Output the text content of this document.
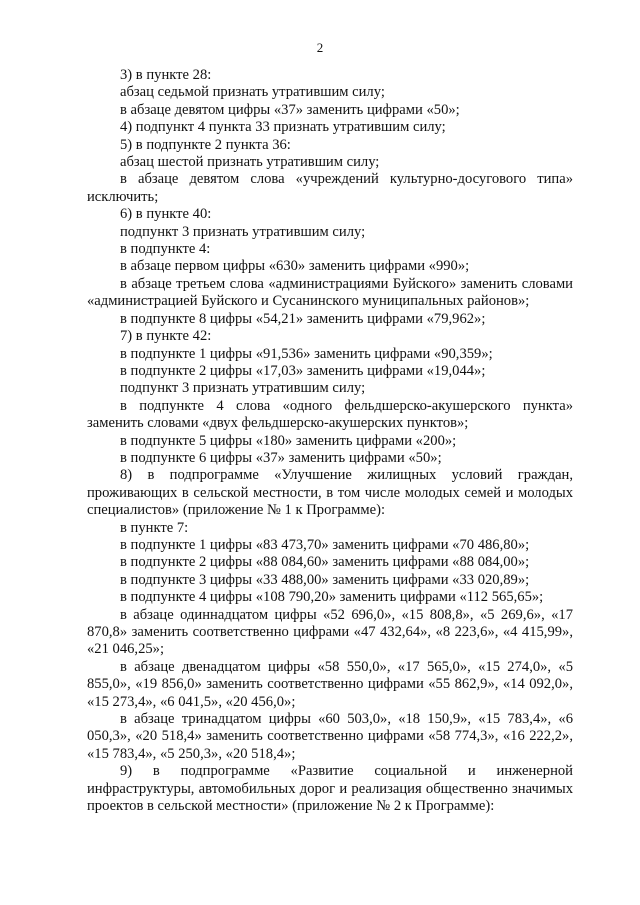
2

3) в пункте 28:

абзац седьмой признать утратившим силу;

в абзаце девятом цифры «37» заменить цифрами «50»;

4) подпункт 4 пункта 33 признать утратившим силу;

5) в подпункте 2 пункта 36:

абзац шестой признать утратившим силу;

в абзаце девятом слова «учреждений культурно-досугового типа» исключить;

6) в пункте 40:

подпункт 3 признать утратившим силу;

в подпункте 4:

в абзаце первом цифры «630» заменить цифрами «990»;

в абзаце третьем слова «администрациями Буйского» заменить словами «администрацией Буйского и Сусанинского муниципальных районов»;

в подпункте 8 цифры «54,21» заменить цифрами «79,962»;

7) в пункте 42:

в подпункте 1 цифры «91,536» заменить цифрами «90,359»;

в подпункте 2 цифры «17,03» заменить цифрами «19,044»;

подпункт 3 признать утратившим силу;

в подпункте 4 слова «одного фельдшерско-акушерского пункта» заменить словами «двух фельдшерско-акушерских пунктов»;

в подпункте 5 цифры «180» заменить цифрами «200»;

в подпункте 6 цифры «37» заменить цифрами «50»;

8) в подпрограмме «Улучшение жилищных условий граждан, проживающих в сельской местности, в том числе молодых семей и молодых специалистов» (приложение № 1 к Программе):

в пункте 7:

в подпункте 1 цифры «83 473,70» заменить цифрами «70 486,80»;

в подпункте 2 цифры «88 084,60» заменить цифрами «88 084,00»;

в подпункте 3 цифры «33 488,00» заменить цифрами «33 020,89»;

в подпункте 4 цифры «108 790,20» заменить цифрами «112 565,65»;

в абзаце одиннадцатом цифры «52 696,0», «15 808,8», «5 269,6», «17 870,8» заменить соответственно цифрами «47 432,64», «8 223,6», «4 415,99», «21 046,25»;

в абзаце двенадцатом цифры «58 550,0», «17 565,0», «15 274,0», «5 855,0», «19 856,0» заменить соответственно цифрами «55 862,9», «14 092,0», «15 273,4», «6 041,5», «20 456,0»;

в абзаце тринадцатом цифры «60 503,0», «18 150,9», «15 783,4», «6 050,3», «20 518,4» заменить соответственно цифрами «58 774,3», «16 222,2», «15 783,4», «5 250,3», «20 518,4»;

9) в подпрограмме «Развитие социальной и инженерной инфраструктуры, автомобильных дорог и реализация общественно значимых проектов в сельской местности» (приложение № 2 к Программе):
